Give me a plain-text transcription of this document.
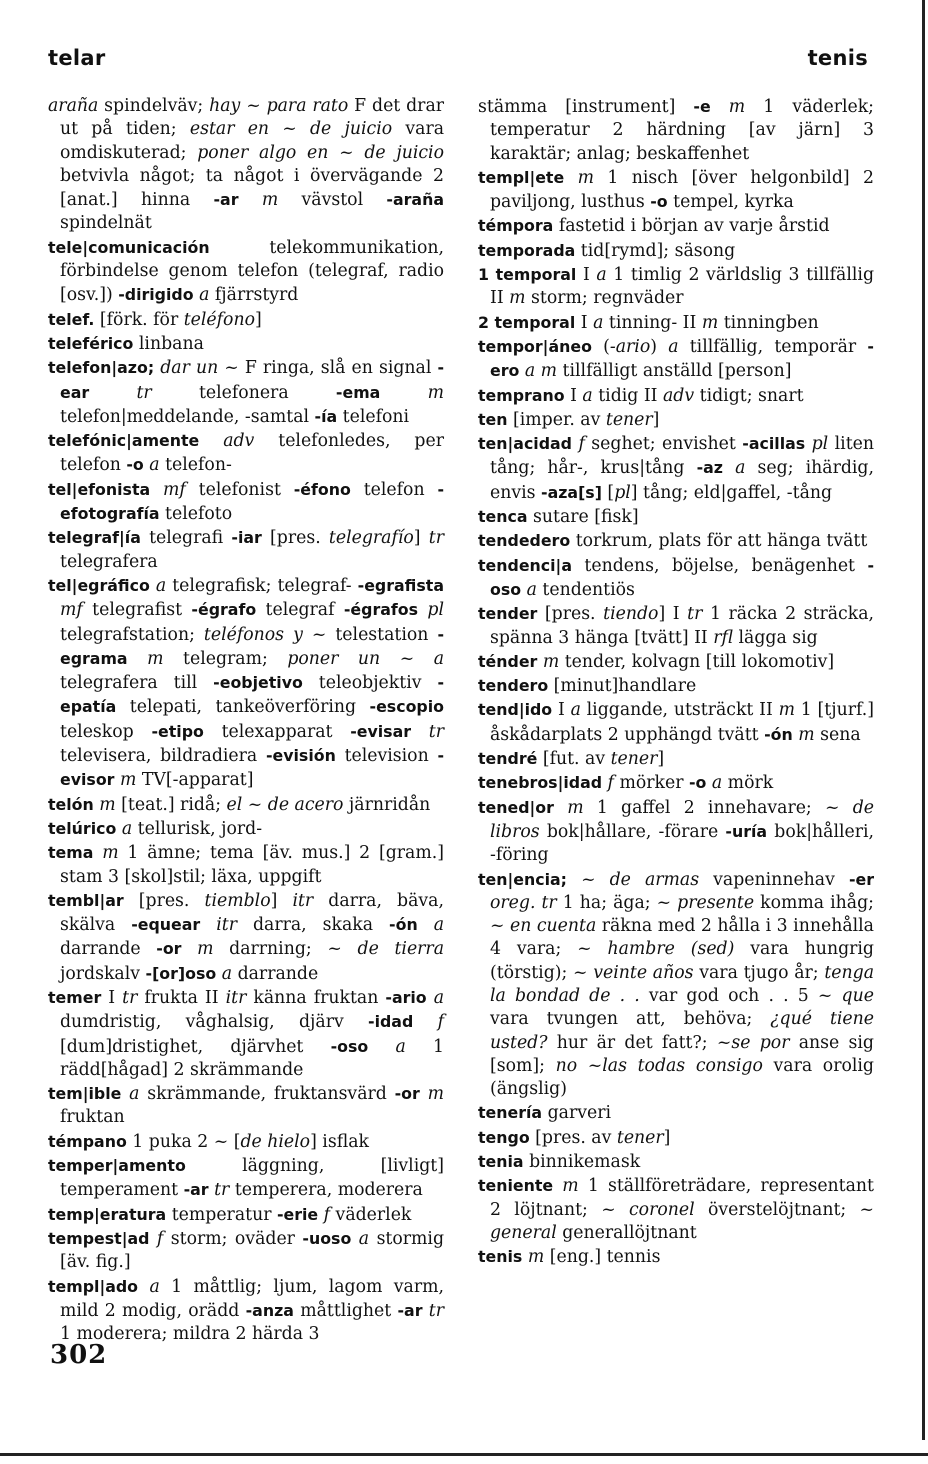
telar	tenis

araña spindelväv; hay ~ para rato F det drar ut på tiden; estar en ~ de juicio vara omdiskuterad; poner algo en ~ de juicio betvivla något; ta något i övervägande 2 [anat.] hinna -ar m vävstol -araña spindelnät

tele|comunicación telekommunikation, förbindelse genom telefon (telegraf, radio [osv.]) -dirigido a fjärrstyrd

telef. [förk. för teléfono]

teleférico linbana

telefon|azo; dar un ~ F ringa, slå en signal -ear	tr telefonera -ema	m telefon|meddelande, -samtal -ía telefoni

telefónic|amente adv telefonledes, per telefon -o a telefon-

tel|efonista mf telefonist -éfono telefon -efotografía telefoto

telegraf|ía telegrafi -iar [pres. telegrafío] tr telegrafera

tel|egráfico a telegrafisk; telegraf- -egrafista mf telegrafist -égrafo telegraf -égrafos pl telegrafstation; teléfonos y ~ telestation -egrama m telegram; poner un ~ a telegrafera till -eobjetivo teleobjektiv -epatía telepati, tankeöverföring -escopio teleskop -etipo telexapparat -evisar tr televisera, bildradiera -evisión television -evisor m TV[-apparat]

telón m [teat.] ridå; el ~ de acero järnridån

telúrico a tellurisk, jord-

tema m 1 ämne; tema [äv. mus.] 2 [gram.] stam 3 [skol]stil; läxa, uppgift

tembl|ar [pres. tiemblo] itr darra, bäva, skälva -equear itr darra, skaka -ón a darrande -or m darrning; ~ de tierra jordskalv -[or]oso a darrande

temer I tr frukta II itr känna fruktan -ario a dumdristig, våghalsig, djärv -idad f [dum]dristighet, djärvhet -oso a 1 rädd[hågad] 2 skrämmande

tem|ible a skrämmande, fruktansvärd -or m fruktan

témpano 1 puka 2 ~ [de hielo] isflak

temper|amento läggning, [livligt] temperament -ar tr temperera, moderera

temp|eratura temperatur -erie f väderlek

tempest|ad f storm; oväder -uoso a stormig [äv. fig.]

templ|ado a 1 måttlig; ljum, lagom varm, mild 2 modig, orädd -anza måttlighet -ar tr 1 moderera; mildra 2 härda 3

stämma [instrument] -e m 1 väderlek; temperatur 2 härdning [av järn] 3 karaktär; anlag; beskaffenhet

templ|ete m 1 nisch [över helgonbild] 2 paviljong, lusthus -o tempel, kyrka

témpora fastetid i början av varje årstid

temporada tid[rymd]; säsong

1 temporal I a 1 timlig 2 världslig 3 tillfällig II m storm; regnväder

2 temporal I a tinning- II m tinningben

tempor|áneo (-ario) a tillfällig, temporär -ero a m tillfälligt anställd [person]

temprano I a tidig II adv tidigt; snart

ten [imper. av tener]

ten|acidad f seghet; envishet -acillas pl liten tång; hår-, krus|tång -az a seg; ihärdig, envis -aza[s] [pl] tång; eld|gaffel, -tång

tenca sutare [fisk]

tendedero torkrum, plats för att hänga tvätt

tendenci|a tendens, böjelse, benägenhet -oso a tendentiös

tender [pres. tiendo] I tr 1 räcka 2 sträcka, spänna 3 hänga [tvätt] II rfl lägga sig

ténder m tender, kolvagn [till lokomotiv]

tendero [minut]handlare

tend|ido I a liggande, utsträckt II m 1 [tjurf.] åskådarplats 2 upphängd tvätt -ón m sena

tendré [fut. av tener]

tenebros|idad f mörker -o a mörk

tened|or m 1 gaffel 2 innehavare; ~ de libros bok|hållare, -förare -uría bok|hålleri, -föring

ten|encia; ~ de armas vapeninnehav -er oreg. tr 1 ha; äga; ~ presente komma ihåg; ~ en cuenta räkna med 2 hålla i 3 innehålla 4 vara; ~ hambre (sed) vara hungrig (törstig); ~ veinte años vara tjugo år; tenga la bondad de . . var god och . . 5 ~ que vara tvungen att, behöva; ¿qué tiene usted? hur är det fatt?; ~se por anse sig [som]; no ~las todas consigo vara orolig (ängslig)

tenería garveri

tengo [pres. av tener]

tenia binnikemask

teniente m 1 ställföreträdare, representant 2 löjtnant; ~ coronel överstelöjtnant; ~ general generallöjtnant

tenis m [eng.] tennis

302
